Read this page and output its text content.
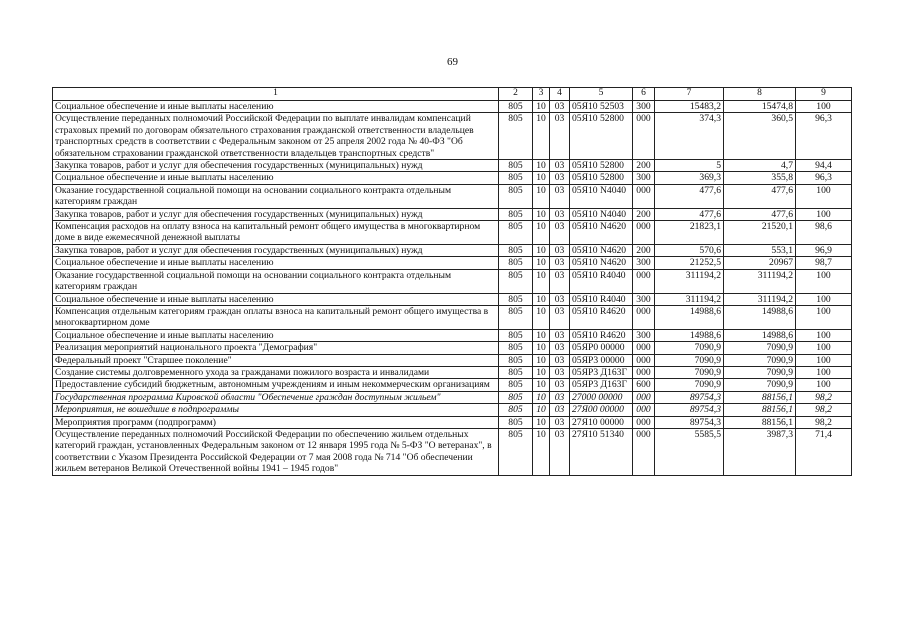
69
1	2	3	4	5	6	7	8	9
Социальное обеспечение и иные выплаты населению	805	10	03	05Я10 52503	300	15483,2	15474,8	100
Осуществление переданных полномочий Российской Федерации по выплате инвалидам компенсаций страховых премий по договорам обязательного страхования гражданской ответственности владельцев транспортных средств в соответствии с Федеральным законом от 25 апреля 2002 года № 40-ФЗ "Об обязательном страховании гражданской ответственности владельцев транспортных средств"	805	10	03	05Я10 52800	000	374,3	360,5	96,3
Закупка товаров, работ и услуг для обеспечения государственных (муниципальных) нужд	805	10	03	05Я10 52800	200	5	4,7	94,4
Социальное обеспечение и иные выплаты населению	805	10	03	05Я10 52800	300	369,3	355,8	96,3
Оказание государственной социальной помощи на основании социального контракта отдельным категориям граждан	805	10	03	05Я10 N4040	000	477,6	477,6	100
Закупка товаров, работ и услуг для обеспечения государственных (муниципальных) нужд	805	10	03	05Я10 N4040	200	477,6	477,6	100
Компенсация расходов на оплату взноса на капитальный ремонт общего имущества в многоквартирном доме в виде ежемесячной денежной выплаты	805	10	03	05Я10 N4620	000	21823,1	21520,1	98,6
Закупка товаров, работ и услуг для обеспечения государственных (муниципальных) нужд	805	10	03	05Я10 N4620	200	570,6	553,1	96,9
Социальное обеспечение и иные выплаты населению	805	10	03	05Я10 N4620	300	21252,5	20967	98,7
Оказание государственной социальной помощи на основании социального контракта отдельным категориям граждан	805	10	03	05Я10 R4040	000	311194,2	311194,2	100
Социальное обеспечение и иные выплаты населению	805	10	03	05Я10 R4040	300	311194,2	311194,2	100
Компенсация отдельным категориям граждан оплаты взноса на капитальный ремонт общего имущества в многоквартирном доме	805	10	03	05Я10 R4620	000	14988,6	14988,6	100
Социальное обеспечение и иные выплаты населению	805	10	03	05Я10 R4620	300	14988,6	14988,6	100
Реализация мероприятий национального проекта "Демография"	805	10	03	05ЯР0 00000	000	7090,9	7090,9	100
Федеральный проект "Старшее поколение"	805	10	03	05ЯР3 00000	000	7090,9	7090,9	100
Создание системы долговременного ухода за гражданами пожилого возраста и инвалидами	805	10	03	05ЯР3 Д163Г	000	7090,9	7090,9	100
Предоставление субсидий бюджетным, автономным учреждениям и иным некоммерческим организациям	805	10	03	05ЯР3 Д163Г	600	7090,9	7090,9	100
Государственная программа Кировской области "Обеспечение граждан доступным жильем"	805	10	03	27000 00000	000	89754,3	88156,1	98,2
Мероприятия, не вошедшие в подпрограммы	805	10	03	27Я00 00000	000	89754,3	88156,1	98,2
Мероприятия программ (подпрограмм)	805	10	03	27Я10 00000	000	89754,3	88156,1	98,2
Осуществление переданных полномочий Российской Федерации по обеспечению жильем отдельных категорий граждан, установленных Федеральным законом от 12 января 1995 года № 5-ФЗ "О ветеранах", в соответствии с Указом Президента Российской Федерации от 7 мая 2008 года № 714 "Об обеспечении жильем ветеранов Великой Отечественной войны 1941 – 1945 годов"	805	10	03	27Я10 51340	000	5585,5	3987,3	71,4
